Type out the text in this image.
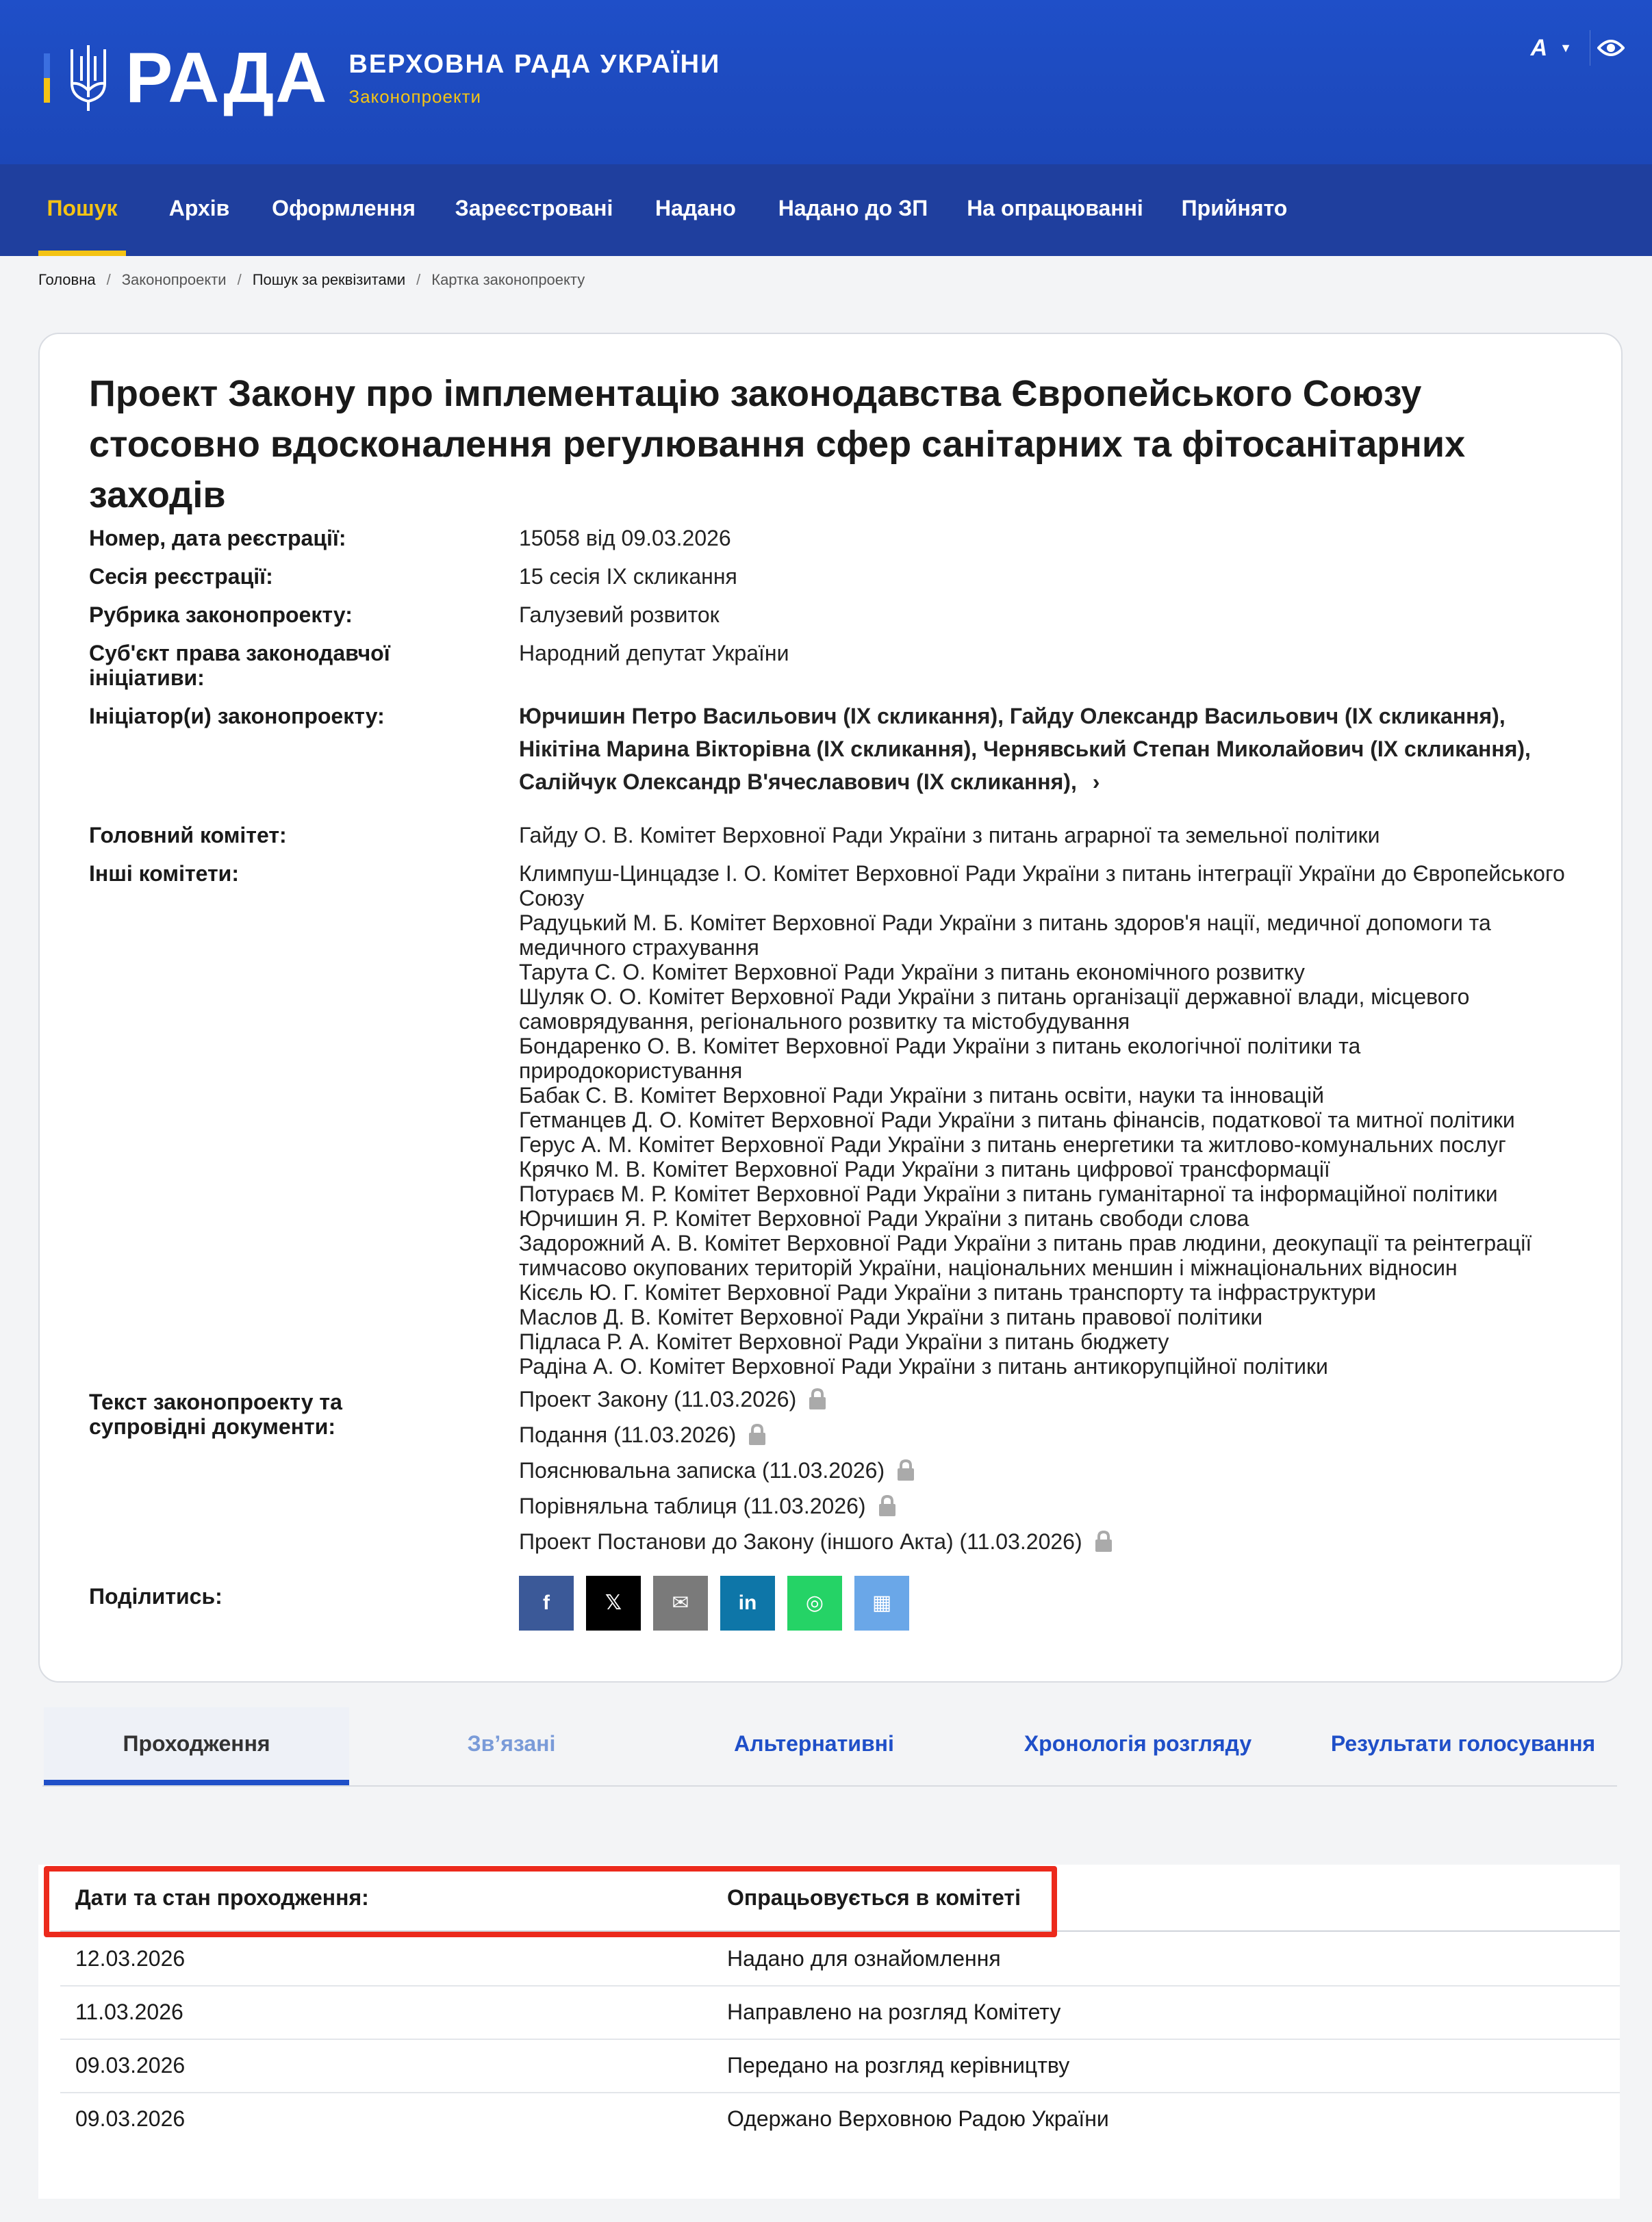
РАДА ВЕРХОВНА РАДА УКРАЇНИ
Законопроекти
A ▼
Пошук	Архів	Оформлення Зареєстровані	Надано	Надано до ЗП На опрацюванні Прийнято
Головна / Законопроекти / Пошук за реквізитами / Картка законопроекту
Проект Закону про імплементацію законодавства Європейського Союзу стосовно вдосконалення регулювання сфер санітарних та фітосанітарних заходів
Номер, дата реєстрації:	15058 від 09.03.2026
Сесія реєстрації:	15 сесія IX скликання
Рубрика законопроекту:	Галузевий розвиток
Суб'єкт права законодавчої ініціативи:
Народний депутат України
Ініціатор(и) законопроекту:	Юрчишин Петро Васильович (IX скликання), Гайду Олександр Васильович (IX скликання), Нікітіна Марина Вікторівна (IX скликання), Чернявський Степан Миколайович (IX скликання), Салійчук Олександр В'ячеславович (IX скликання), ›
Головний комітет:	Гайду О. В. Комітет Верховної Ради України з питань аграрної та земельної політики
Інші комітети:	Климпуш-Цинцадзе І. О. Комітет Верховної Ради України з питань інтеграції України до Європейського Союзу
Радуцький М. Б. Комітет Верховної Ради України з питань здоров'я нації, медичної допомоги та медичного страхування
Тарута С. О. Комітет Верховної Ради України з питань економічного розвитку
Шуляк О. О. Комітет Верховної Ради України з питань організації державної влади, місцевого самоврядування, регіонального розвитку та містобудування
Бондаренко О. В. Комітет Верховної Ради України з питань екологічної політики та природокористування
Бабак С. В. Комітет Верховної Ради України з питань освіти, науки та інновацій
Гетманцев Д. О. Комітет Верховної Ради України з питань фінансів, податкової та митної політики
Герус А. М. Комітет Верховної Ради України з питань енергетики та житлово-комунальних послуг
Крячко М. В. Комітет Верховної Ради України з питань цифрової трансформації
Потураєв М. Р. Комітет Верховної Ради України з питань гуманітарної та інформаційної політики
Юрчишин Я. Р. Комітет Верховної Ради України з питань свободи слова
Задорожний А. В. Комітет Верховної Ради України з питань прав людини, деокупації та реінтеграції тимчасово окупованих територій України, національних меншин і міжнаціональних відносин
Кісєль Ю. Г. Комітет Верховної Ради України з питань транспорту та інфраструктури
Маслов Д. В. Комітет Верховної Ради України з питань правової політики
Підласа Р. А. Комітет Верховної Ради України з питань бюджету
Радіна А. О. Комітет Верховної Ради України з питань антикорупційної політики
Текст законопроекту та супровідні документи:
Проект Закону (11.03.2026)
Подання (11.03.2026)
Пояснювальна записка (11.03.2026)
Порівняльна таблиця (11.03.2026)
Проект Постанови до Закону (іншого Акта) (11.03.2026)
Поділитись:	f	𝕏 ✉ in ◎ ▦
Проходження	Зв’язані	Альтернативні	Хронологія розгляду	Результати голосування
Дати та стан проходження:	Опрацьовується в комітеті
12.03.2026	Надано для ознайомлення
11.03.2026	Направлено на розгляд Комітету
09.03.2026	Передано на розгляд керівництву
09.03.2026	Одержано Верховною Радою України
